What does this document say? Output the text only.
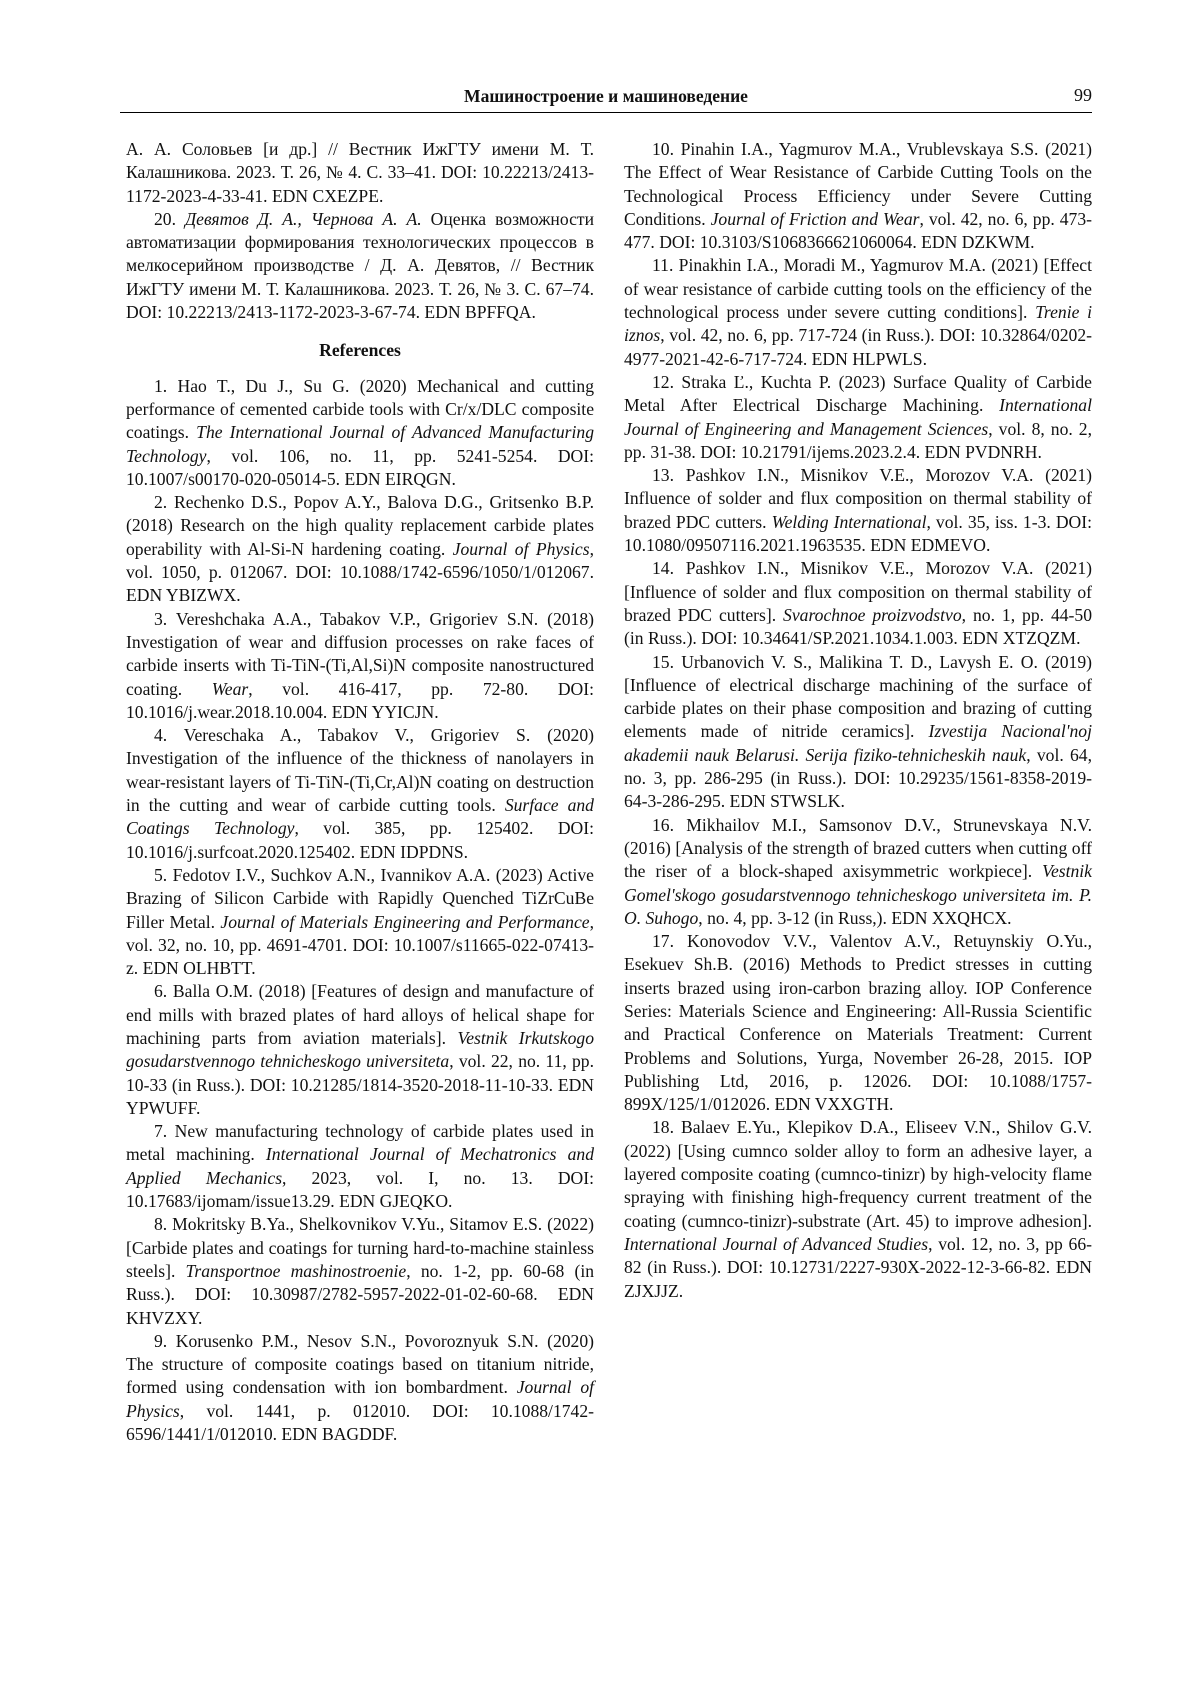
Машиностроение и машиноведение	99

А. А. Соловьев [и др.] // Вестник ИжГТУ имени М. Т. Калашникова. 2023. Т. 26, № 4. С. 33–41. DOI: 10.22213/2413-1172-2023-4-33-41. EDN CXEZPE.

20. Девятов Д. А., Чернова А. А. Оценка возможности автоматизации формирования технологических процессов в мелкосерийном производстве / Д. А. Девятов, // Вестник ИжГТУ имени М. Т. Калашникова. 2023. Т. 26, № 3. С. 67–74. DOI: 10.22213/2413-1172-2023-3-67-74. EDN BPFFQA.

References

1. Hao T., Du J., Su G. (2020) Mechanical and cutting performance of cemented carbide tools with Cr/x/DLC composite coatings. The International Journal of Advanced Manufacturing Technology, vol. 106, no. 11, pp. 5241-5254. DOI: 10.1007/s00170-020-05014-5. EDN EIRQGN.

2. Rechenko D.S., Popov A.Y., Balova D.G., Gritsenko B.P. (2018) Research on the high quality replacement carbide plates operability with Al-Si-N hardening coating. Journal of Physics, vol. 1050, p. 012067. DOI: 10.1088/1742-6596/1050/1/012067. EDN YBIZWX.

3. Vereshchaka A.A., Tabakov V.P., Grigoriev S.N. (2018) Investigation of wear and diffusion processes on rake faces of carbide inserts with Ti-TiN-(Ti,Al,Si)N composite nanostructured coating. Wear, vol. 416-417, pp. 72-80. DOI: 10.1016/j.wear.2018.10.004. EDN YYICJN.

4. Vereschaka A., Tabakov V., Grigoriev S. (2020) Investigation of the influence of the thickness of nanolayers in wear-resistant layers of Ti-TiN-(Ti,Cr,Al)N coating on destruction in the cutting and wear of carbide cutting tools. Surface and Coatings Technology, vol. 385, pp. 125402. DOI: 10.1016/j.surfcoat.2020.125402. EDN IDPDNS.

5. Fedotov I.V., Suchkov A.N., Ivannikov A.A. (2023) Active Brazing of Silicon Carbide with Rapidly Quenched TiZrCuBe Filler Metal. Journal of Materials Engineering and Performance, vol. 32, no. 10, pp. 4691-4701. DOI: 10.1007/s11665-022-07413-z. EDN OLHBTT.

6. Balla O.M. (2018) [Features of design and manufacture of end mills with brazed plates of hard alloys of helical shape for machining parts from aviation materials]. Vestnik Irkutskogo gosudarstvennogo tehnicheskogo universiteta, vol. 22, no. 11, pp. 10-33 (in Russ.). DOI: 10.21285/1814-3520-2018-11-10-33. EDN YPWUFF.

7. New manufacturing technology of carbide plates used in metal machining. International Journal of Mechatronics and Applied Mechanics, 2023, vol. I, no. 13. DOI: 10.17683/ijomam/issue13.29. EDN GJEQKO.

8. Mokritsky B.Ya., Shelkovnikov V.Yu., Sitamov E.S. (2022) [Carbide plates and coatings for turning hard-to-machine stainless steels]. Transportnoe mashinostroenie, no. 1-2, pp. 60-68 (in Russ.). DOI: 10.30987/2782-5957-2022-01-02-60-68. EDN KHVZXY.

9. Korusenko P.M., Nesov S.N., Povoroznyuk S.N. (2020) The structure of composite coatings based on titanium nitride, formed using condensation with ion bombardment. Journal of Physics, vol. 1441, p. 012010. DOI: 10.1088/1742-6596/1441/1/012010. EDN BAGDDF.

10. Pinahin I.A., Yagmurov M.A., Vrublevskaya S.S. (2021) The Effect of Wear Resistance of Carbide Cutting Tools on the Technological Process Efficiency under Severe Cutting Conditions. Journal of Friction and Wear, vol. 42, no. 6, pp. 473-477. DOI: 10.3103/S1068366621060064. EDN DZKWM.

11. Pinakhin I.A., Moradi M., Yagmurov M.A. (2021) [Effect of wear resistance of carbide cutting tools on the efficiency of the technological process under severe cutting conditions]. Trenie i iznos, vol. 42, no. 6, pp. 717-724 (in Russ.). DOI: 10.32864/0202-4977-2021-42-6-717-724. EDN HLPWLS.

12. Straka Ľ., Kuchta P. (2023) Surface Quality of Carbide Metal After Electrical Discharge Machining. International Journal of Engineering and Management Sciences, vol. 8, no. 2, pp. 31-38. DOI: 10.21791/ijems.2023.2.4. EDN PVDNRH.

13. Pashkov I.N., Misnikov V.E., Morozov V.A. (2021) Influence of solder and flux composition on thermal stability of brazed PDC cutters. Welding International, vol. 35, iss. 1-3. DOI: 10.1080/09507116.2021.1963535. EDN EDMEVO.

14. Pashkov I.N., Misnikov V.E., Morozov V.A. (2021) [Influence of solder and flux composition on thermal stability of brazed PDC cutters]. Svarochnoe proizvodstvo, no. 1, pp. 44-50 (in Russ.). DOI: 10.34641/SP.2021.1034.1.003. EDN XTZQZM.

15. Urbanovich V. S., Malikina T. D., Lavysh E. O. (2019) [Influence of electrical discharge machining of the surface of carbide plates on their phase composition and brazing of cutting elements made of nitride ceramics]. Izvestija Nacional'noj akademii nauk Belarusi. Serija fiziko-tehnicheskih nauk, vol. 64, no. 3, pp. 286-295 (in Russ.). DOI: 10.29235/1561-8358-2019-64-3-286-295. EDN STWSLK.

16. Mikhailov M.I., Samsonov D.V., Strunevskaya N.V. (2016) [Analysis of the strength of brazed cutters when cutting off the riser of a block-shaped axisymmetric workpiece]. Vestnik Gomel'skogo gosudarstvennogo tehnicheskogo universiteta im. P. O. Suhogo, no. 4, pp. 3-12 (in Russ,). EDN XXQHCX.

17. Konovodov V.V., Valentov A.V., Retuynskiy O.Yu., Esekuev Sh.B. (2016) Methods to Predict stresses in cutting inserts brazed using iron-carbon brazing alloy. IOP Conference Series: Materials Science and Engineering: All-Russia Scientific and Practical Conference on Materials Treatment: Current Problems and Solutions, Yurga, November 26-28, 2015. IOP Publishing Ltd, 2016, p. 12026. DOI: 10.1088/1757-899X/125/1/012026. EDN VXXGTH.

18. Balaev E.Yu., Klepikov D.A., Eliseev V.N., Shilov G.V. (2022) [Using cumnco solder alloy to form an adhesive layer, a layered composite coating (cumnco-tinizr) by high-velocity flame spraying with finishing high-frequency current treatment of the coating (cumnco-tinizr)-substrate (Art. 45) to improve adhesion]. International Journal of Advanced Studies, vol. 12, no. 3, pp 66-82 (in Russ.). DOI: 10.12731/2227-930X-2022-12-3-66-82. EDN ZJXJJZ.
